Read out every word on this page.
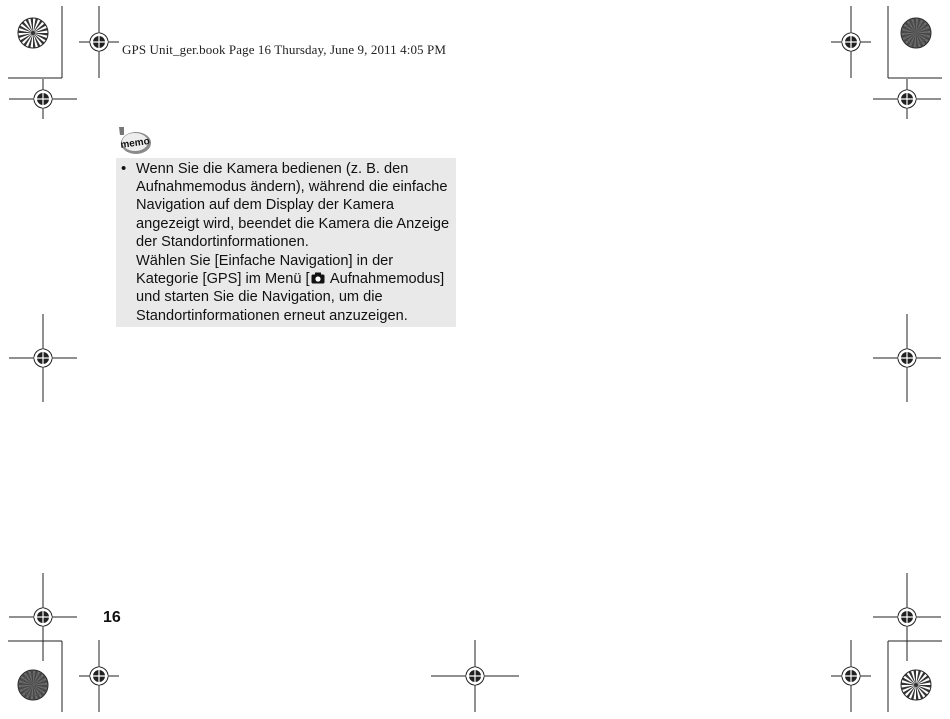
GPS Unit_ger.book Page 16 Thursday, June 9, 2011 4:05 PM
memo
• Wenn Sie die Kamera bedienen (z. B. den Aufnahmemodus ändern), während die einfache Navigation auf dem Display der Kamera angezeigt wird, beendet die Kamera die Anzeige der Standortinformationen.

Wählen Sie [Einfache Navigation] in der Kategorie [GPS] im Menü [ Aufnahmemodus] und starten Sie die Navigation, um die Standortinformationen erneut anzuzeigen.

16
